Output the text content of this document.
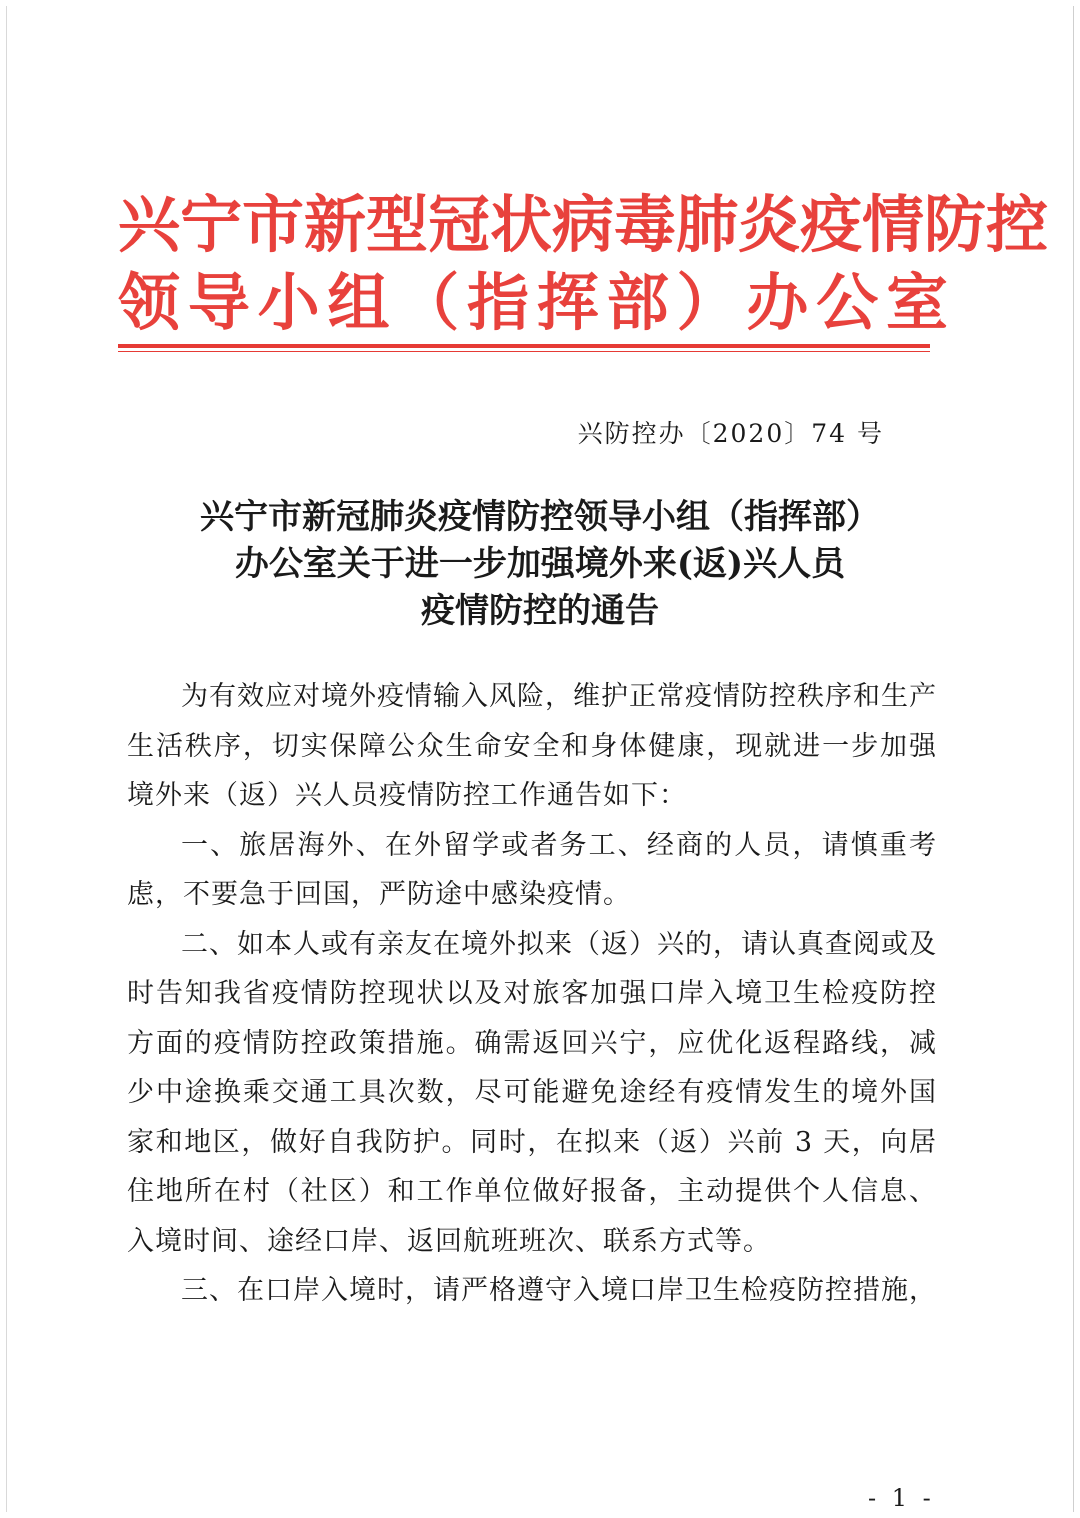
兴宁市新型冠状病毒肺炎疫情防控
领导小组（指挥部）办公室
兴防控办〔2020〕74 号
兴宁市新冠肺炎疫情防控领导小组（指挥部）
办公室关于进一步加强境外来(返)兴人员
疫情防控的通告

为有效应对境外疫情输入风险，维护正常疫情防控秩序和生产生活秩序，切实保障公众生命安全和身体健康，现就进一步加强境外来（返）兴人员疫情防控工作通告如下：

一、旅居海外、在外留学或者务工、经商的人员，请慎重考虑，不要急于回国，严防途中感染疫情。

二、如本人或有亲友在境外拟来（返）兴的，请认真查阅或及时告知我省疫情防控现状以及对旅客加强口岸入境卫生检疫防控方面的疫情防控政策措施。确需返回兴宁，应优化返程路线，减少中途换乘交通工具次数，尽可能避免途经有疫情发生的境外国家和地区，做好自我防护。同时，在拟来（返）兴前 3 天，向居住地所在村（社区）和工作单位做好报备，主动提供个人信息、入境时间、途经口岸、返回航班班次、联系方式等。

三、在口岸入境时，请严格遵守入境口岸卫生检疫防控措施，

- 1 -
